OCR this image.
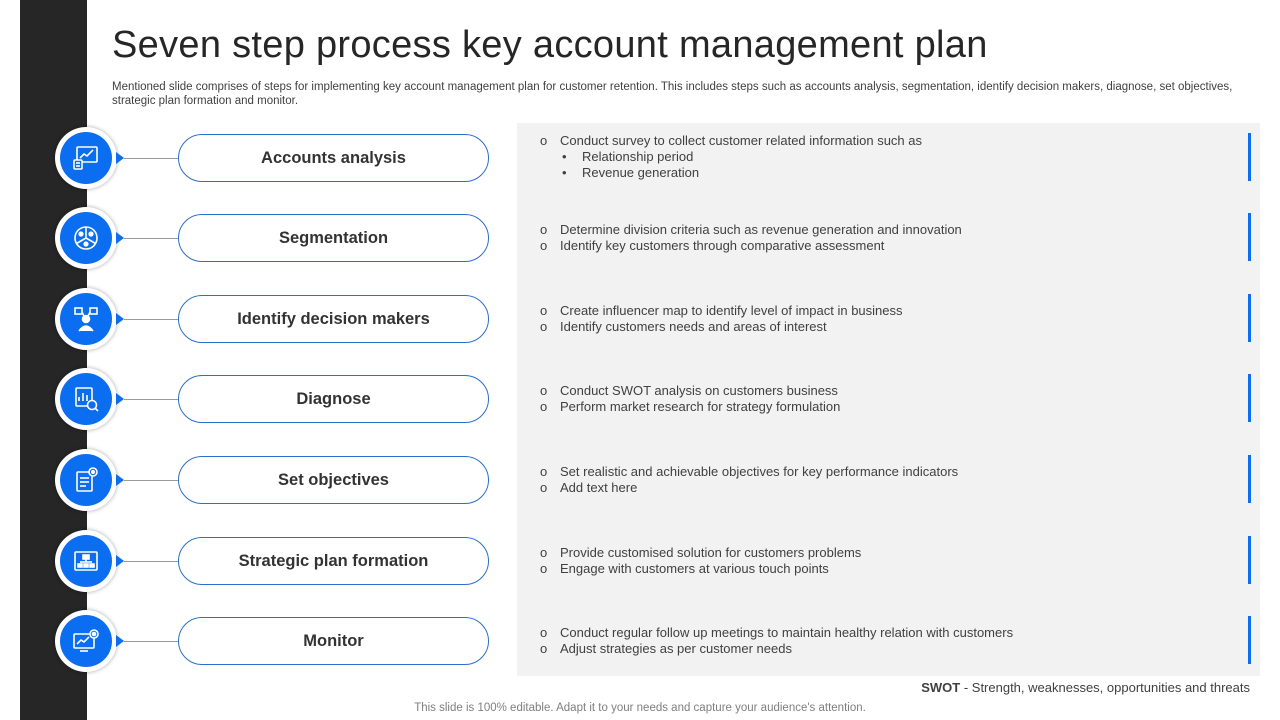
Seven step process key account management plan
Mentioned slide comprises of steps for implementing key account management plan for customer retention. This includes steps such as accounts analysis, segmentation, identify decision makers, diagnose, set objectives, strategic plan formation and monitor.
Accounts analysis
o Conduct survey to collect customer related information such as
•	Relationship period
•	Revenue generation
Segmentation	o Determine division criteria such as revenue generation and innovation
o Identify key customers through comparative assessment
Identify decision makers	o Create influencer map to identify level of impact in business
o Identify customers needs and areas of interest
Diagnose	o Conduct SWOT analysis on customers business
o Perform market research for strategy formulation
Set objectives	o Set realistic and achievable objectives for key performance indicators
o Add text here
Strategic plan formation	o Provide customised solution for customers problems
o Engage with customers at various touch points
Monitor	o Conduct regular follow up meetings to maintain healthy relation with customers
o Adjust strategies as per customer needs
SWOT - Strength, weaknesses, opportunities and threats
This slide is 100% editable. Adapt it to your needs and capture your audience's attention.
